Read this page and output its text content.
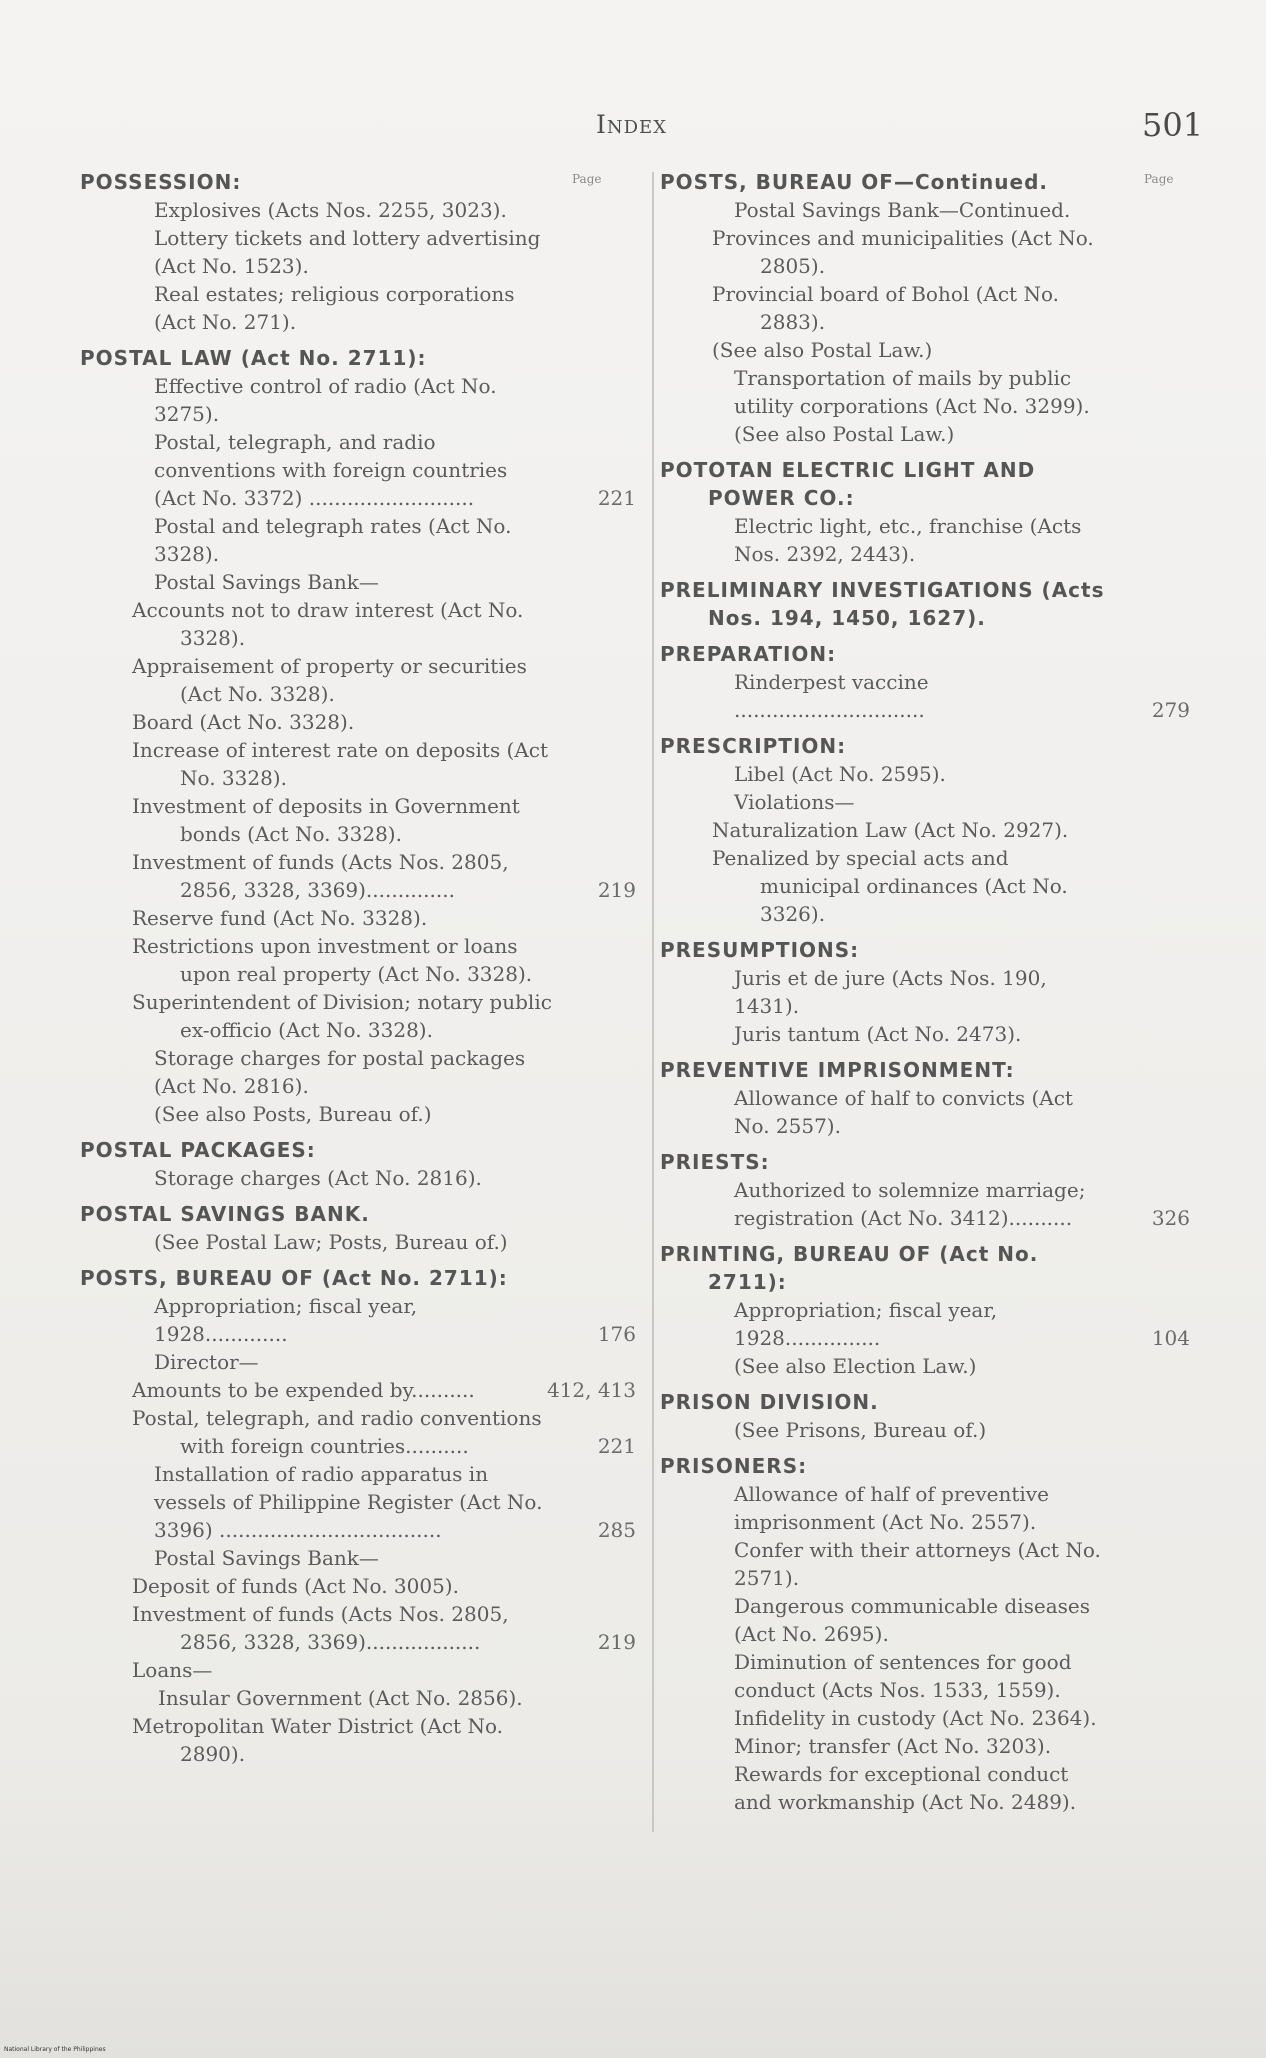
Index	501
Page
POSSESSION:
Explosives (Acts Nos. 2255, 3023).
Lottery tickets and lottery advertising (Act No. 1523).
Real estates; religious corporations (Act No. 271).
POSTAL LAW (Act No. 2711):
Effective control of radio (Act No. 3275).
Postal, telegraph, and radio conventions with foreign countries (Act No. 3372) ..........................	221
Postal and telegraph rates (Act No. 3328).
Postal Savings Bank—
Accounts not to draw interest (Act No. 3328).
Appraisement of property or securities (Act No. 3328).
Board (Act No. 3328).
Increase of interest rate on deposits (Act No. 3328).
Investment of deposits in Government bonds (Act No. 3328).
Investment of funds (Acts Nos. 2805, 2856, 3328, 3369)..............	219
Reserve fund (Act No. 3328).
Restrictions upon investment or loans upon real property (Act No. 3328).
Superintendent of Division; notary public ex-officio (Act No. 3328).
Storage charges for postal packages (Act No. 2816).
(See also Posts, Bureau of.)
POSTAL PACKAGES:
Storage charges (Act No. 2816).
POSTAL SAVINGS BANK.
(See Postal Law; Posts, Bureau of.)
POSTS, BUREAU OF (Act No. 2711):
Appropriation; fiscal year, 1928.............	176
Director—
Amounts to be expended by..........	412, 413
Postal, telegraph, and radio conventions with foreign countries..........	221
Installation of radio apparatus in vessels of Philippine Register (Act No. 3396) ...................................	285
Postal Savings Bank—
Deposit of funds (Act No. 3005).
Investment of funds (Acts Nos. 2805, 2856, 3328, 3369)..................	219
Loans—
Insular Government (Act No. 2856).
Metropolitan Water District (Act No. 2890).
Page
POSTS, BUREAU OF—Continued.
Postal Savings Bank—Continued.
Provinces and municipalities (Act No. 2805).
Provincial board of Bohol (Act No. 2883).
(See also Postal Law.)
Transportation of mails by public utility corporations (Act No. 3299).
(See also Postal Law.)
POTOTAN ELECTRIC LIGHT AND POWER CO.:
Electric light, etc., franchise (Acts Nos. 2392, 2443).
PRELIMINARY INVESTIGATIONS (Acts Nos. 194, 1450, 1627).
PREPARATION:
Rinderpest vaccine ..............................	279
PRESCRIPTION:
Libel (Act No. 2595).
Violations—
Naturalization Law (Act No. 2927).
Penalized by special acts and municipal ordinances (Act No. 3326).
PRESUMPTIONS:
Juris et de jure (Acts Nos. 190, 1431).
Juris tantum (Act No. 2473).
PREVENTIVE IMPRISONMENT:
Allowance of half to convicts (Act No. 2557).
PRIESTS:
Authorized to solemnize marriage; registration (Act No. 3412)..........	326
PRINTING, BUREAU OF (Act No. 2711):
Appropriation; fiscal year, 1928...............	104
(See also Election Law.)
PRISON DIVISION.
(See Prisons, Bureau of.)
PRISONERS:
Allowance of half of preventive imprisonment (Act No. 2557).
Confer with their attorneys (Act No. 2571).
Dangerous communicable diseases (Act No. 2695).
Diminution of sentences for good conduct (Acts Nos. 1533, 1559).
Infidelity in custody (Act No. 2364).
Minor; transfer (Act No. 3203).
Rewards for exceptional conduct and workmanship (Act No. 2489).
National Library of the Philippines
